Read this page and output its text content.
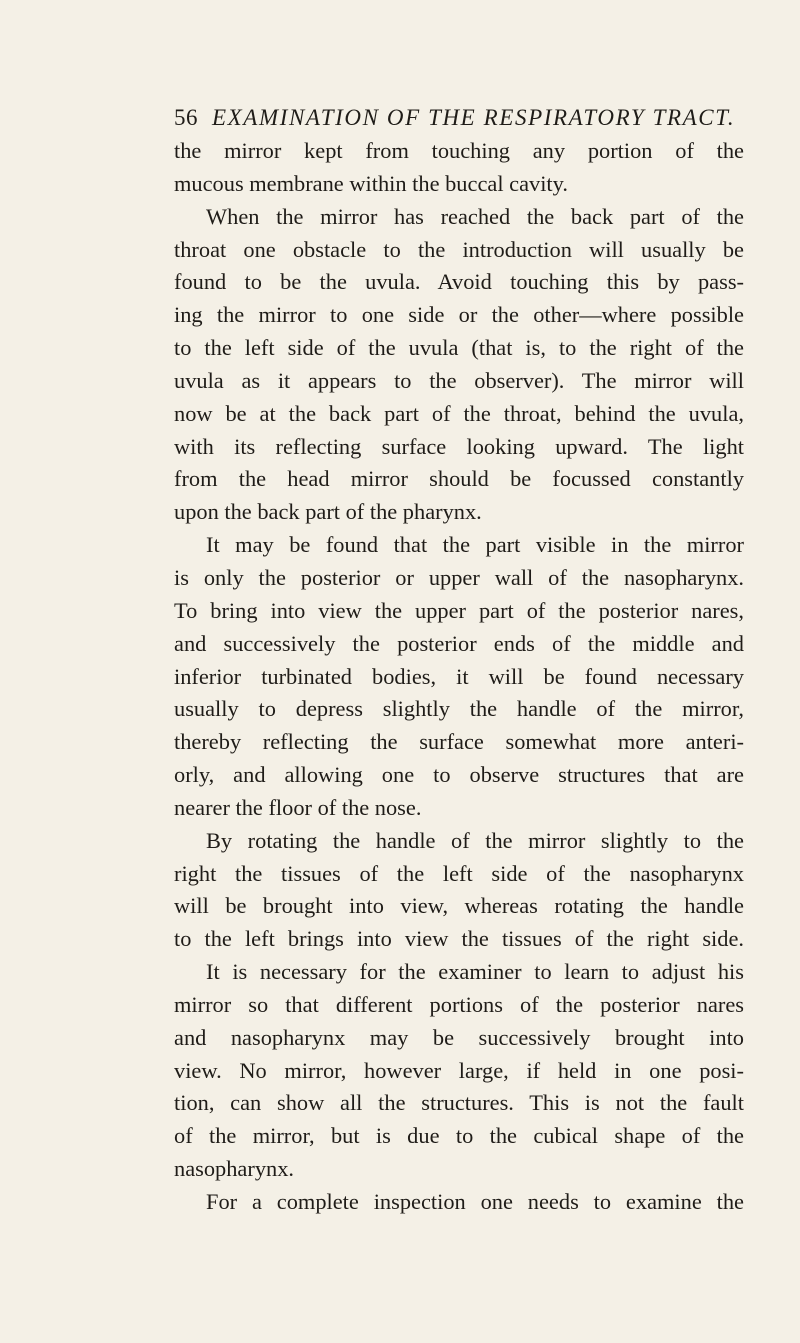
56 EXAMINATION OF THE RESPIRATORY TRACT.
the mirror kept from touching any portion of the
mucous membrane within the buccal cavity.
When the mirror has reached the back part of the
throat one obstacle to the introduction will usually be
found to be the uvula. Avoid touching this by pass-
ing the mirror to one side or the other—where possible
to the left side of the uvula (that is, to the right of the
uvula as it appears to the observer). The mirror will
now be at the back part of the throat, behind the uvula,
with its reflecting surface looking upward. The light
from the head mirror should be focussed constantly
upon the back part of the pharynx.
It may be found that the part visible in the mirror
is only the posterior or upper wall of the nasopharynx.
To bring into view the upper part of the posterior nares,
and successively the posterior ends of the middle and
inferior turbinated bodies, it will be found necessary
usually to depress slightly the handle of the mirror,
thereby reflecting the surface somewhat more anteri-
orly, and allowing one to observe structures that are
nearer the floor of the nose.
By rotating the handle of the mirror slightly to the
right the tissues of the left side of the nasopharynx
will be brought into view, whereas rotating the handle
to the left brings into view the tissues of the right side.
It is necessary for the examiner to learn to adjust his
mirror so that different portions of the posterior nares
and nasopharynx may be successively brought into
view. No mirror, however large, if held in one posi-
tion, can show all the structures. This is not the fault
of the mirror, but is due to the cubical shape of the
nasopharynx.
For a complete inspection one needs to examine the
